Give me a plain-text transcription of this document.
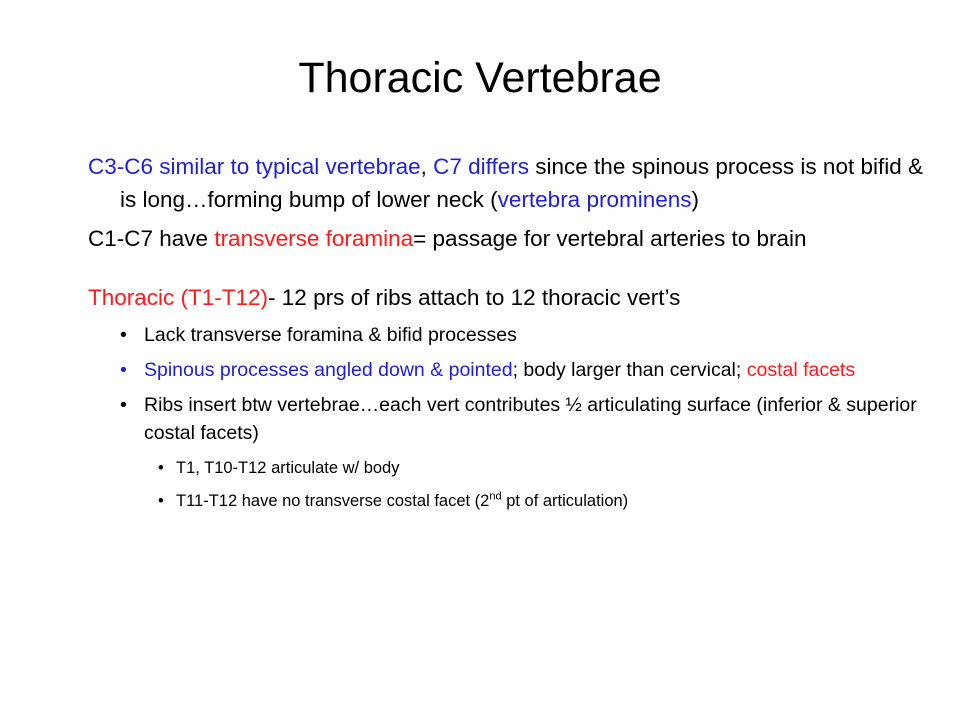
Thoracic Vertebrae

C3-C6 similar to typical vertebrae, C7 differs since the spinous process is not bifid & is long…forming bump of lower neck (vertebra prominens)

C1-C7 have transverse foramina= passage for vertebral arteries to brain

Thoracic (T1-T12)- 12 prs of ribs attach to 12 thoracic vert’s

• Lack transverse foramina & bifid processes
• Spinous processes angled down & pointed; body larger than cervical; costal facets
• Ribs insert btw vertebrae…each vert contributes ½ articulating surface (inferior & superior costal facets)
• T1, T10-T12 articulate w/ body
• T11-T12 have no transverse costal facet (2nd pt of articulation)
